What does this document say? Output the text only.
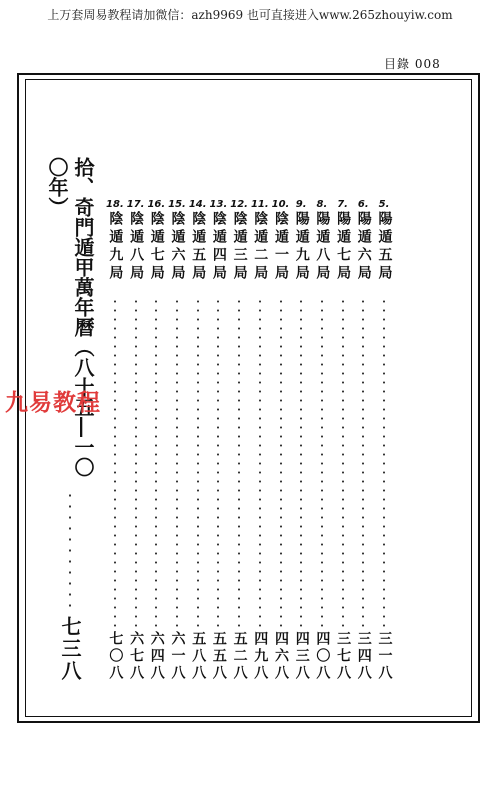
上万套周易教程请加微信：azh9969 也可直接进入www.265zhouyiw.com
目錄 008
5.
陽遁五局
三一八
6.
陽遁六局
三四八
7.
陽遁七局
三七八
8.
陽遁八局
四〇八
9.
陽遁九局
四三八
10.
陰遁一局
四六八
11.
陰遁二局
四九八
12.
陰遁三局
五二八
13.
陰遁四局
五五八
14.
陰遁五局
五八八
15.
陰遁六局
六一八
16.
陰遁七局
六四八
17.
陰遁八局
六七八
18.
陰遁九局
七〇八
拾、奇門遁甲萬年曆（八十五―一〇〇年）
七三八
九易教程
